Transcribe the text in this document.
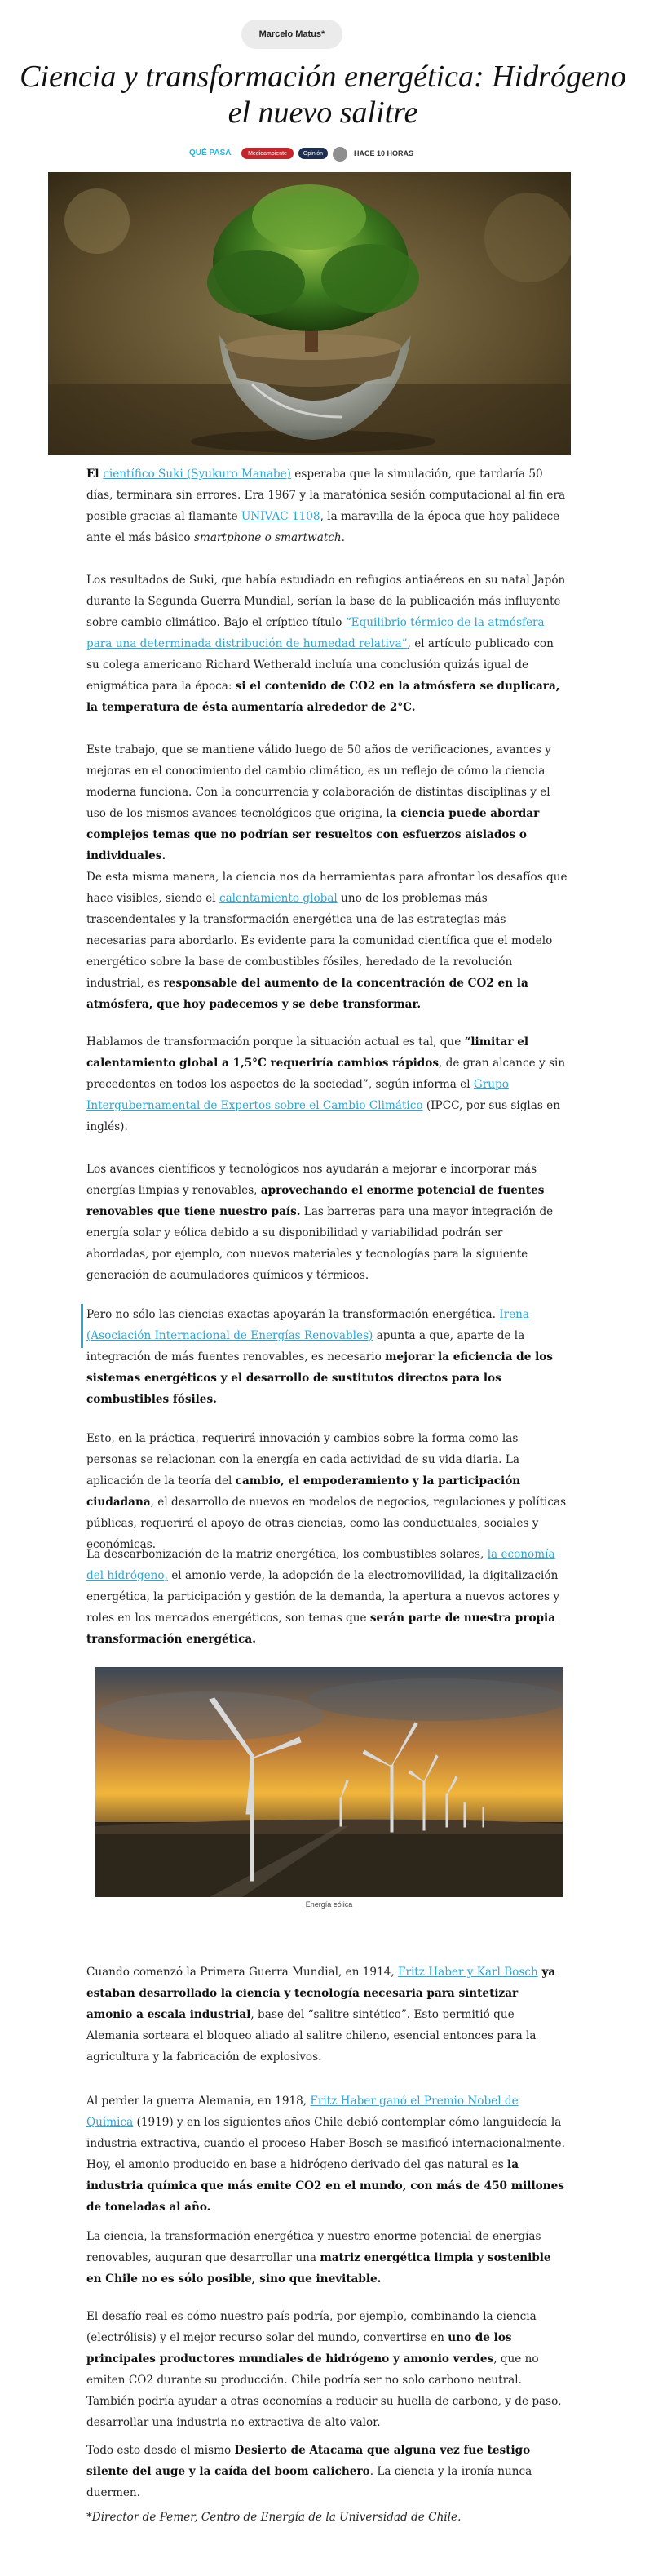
Marcelo Matus*
Ciencia y transformación energética: Hidrógeno el nuevo salitre
QUÉ PASA	Medioambiente	Opinión	HACE 10 HORAS

El científico Suki (Syukuro Manabe) esperaba que la simulación, que tardaría 50 días, terminara sin errores. Era 1967 y la maratónica sesión computacional al fin era posible gracias al flamante UNIVAC 1108, la maravilla de la época que hoy palidece ante el más básico smartphone o smartwatch.

Los resultados de Suki, que había estudiado en refugios antiaéreos en su natal Japón durante la Segunda Guerra Mundial, serían la base de la publicación más influyente sobre cambio climático. Bajo el críptico título “Equilibrio térmico de la atmósfera para una determinada distribución de humedad relativa”, el artículo publicado con su colega americano Richard Wetherald incluía una conclusión quizás igual de enigmática para la época: si el contenido de CO2 en la atmósfera se duplicara, la temperatura de ésta aumentaría alrededor de 2°C.

Este trabajo, que se mantiene válido luego de 50 años de verificaciones, avances y mejoras en el conocimiento del cambio climático, es un reflejo de cómo la ciencia moderna funciona. Con la concurrencia y colaboración de distintas disciplinas y el uso de los mismos avances tecnológicos que origina, la ciencia puede abordar complejos temas que no podrían ser resueltos con esfuerzos aislados o individuales.

De esta misma manera, la ciencia nos da herramientas para afrontar los desafíos que hace visibles, siendo el calentamiento global uno de los problemas más trascendentales y la transformación energética una de las estrategias más necesarias para abordarlo. Es evidente para la comunidad científica que el modelo energético sobre la base de combustibles fósiles, heredado de la revolución industrial, es responsable del aumento de la concentración de CO2 en la atmósfera, que hoy padecemos y se debe transformar.

Hablamos de transformación porque la situación actual es tal, que “limitar el calentamiento global a 1,5°C requeriría cambios rápidos, de gran alcance y sin precedentes en todos los aspectos de la sociedad”, según informa el Grupo Intergubernamental de Expertos sobre el Cambio Climático (IPCC, por sus siglas en inglés).

Los avances científicos y tecnológicos nos ayudarán a mejorar e incorporar más energías limpias y renovables, aprovechando el enorme potencial de fuentes renovables que tiene nuestro país. Las barreras para una mayor integración de energía solar y eólica debido a su disponibilidad y variabilidad podrán ser abordadas, por ejemplo, con nuevos materiales y tecnologías para la siguiente generación de acumuladores químicos y térmicos.

Pero no sólo las ciencias exactas apoyarán la transformación energética. Irena (Asociación Internacional de Energías Renovables) apunta a que, aparte de la integración de más fuentes renovables, es necesario mejorar la eficiencia de los sistemas energéticos y el desarrollo de sustitutos directos para los combustibles fósiles.

Esto, en la práctica, requerirá innovación y cambios sobre la forma como las personas se relacionan con la energía en cada actividad de su vida diaria. La aplicación de la teoría del cambio, el empoderamiento y la participación ciudadana, el desarrollo de nuevos en modelos de negocios, regulaciones y políticas públicas, requerirá el apoyo de otras ciencias, como las conductuales, sociales y económicas.

La descarbonización de la matriz energética, los combustibles solares, la economía del hidrógeno, el amonio verde, la adopción de la electromovilidad, la digitalización energética, la participación y gestión de la demanda, la apertura a nuevos actores y roles en los mercados energéticos, son temas que serán parte de nuestra propia transformación energética.

Energía eólica

Cuando comenzó la Primera Guerra Mundial, en 1914, Fritz Haber y Karl Bosch ya estaban desarrollado la ciencia y tecnología necesaria para sintetizar amonio a escala industrial, base del “salitre sintético”. Esto permitió que Alemania sorteara el bloqueo aliado al salitre chileno, esencial entonces para la agricultura y la fabricación de explosivos.

Al perder la guerra Alemania, en 1918, Fritz Haber ganó el Premio Nobel de Química (1919) y en los siguientes años Chile debió contemplar cómo languidecía la industria extractiva, cuando el proceso Haber-Bosch se masificó internacionalmente. Hoy, el amonio producido en base a hidrógeno derivado del gas natural es la industria química que más emite CO2 en el mundo, con más de 450 millones de toneladas al año.

La ciencia, la transformación energética y nuestro enorme potencial de energías renovables, auguran que desarrollar una matriz energética limpia y sostenible en Chile no es sólo posible, sino que inevitable.

El desafío real es cómo nuestro país podría, por ejemplo, combinando la ciencia (electrólisis) y el mejor recurso solar del mundo, convertirse en uno de los principales productores mundiales de hidrógeno y amonio verdes, que no emiten CO2 durante su producción. Chile podría ser no solo carbono neutral. También podría ayudar a otras economías a reducir su huella de carbono, y de paso, desarrollar una industria no extractiva de alto valor.

Todo esto desde el mismo Desierto de Atacama que alguna vez fue testigo silente del auge y la caída del boom calichero. La ciencia y la ironía nunca duermen.

*Director de Pemer, Centro de Energía de la Universidad de Chile.
